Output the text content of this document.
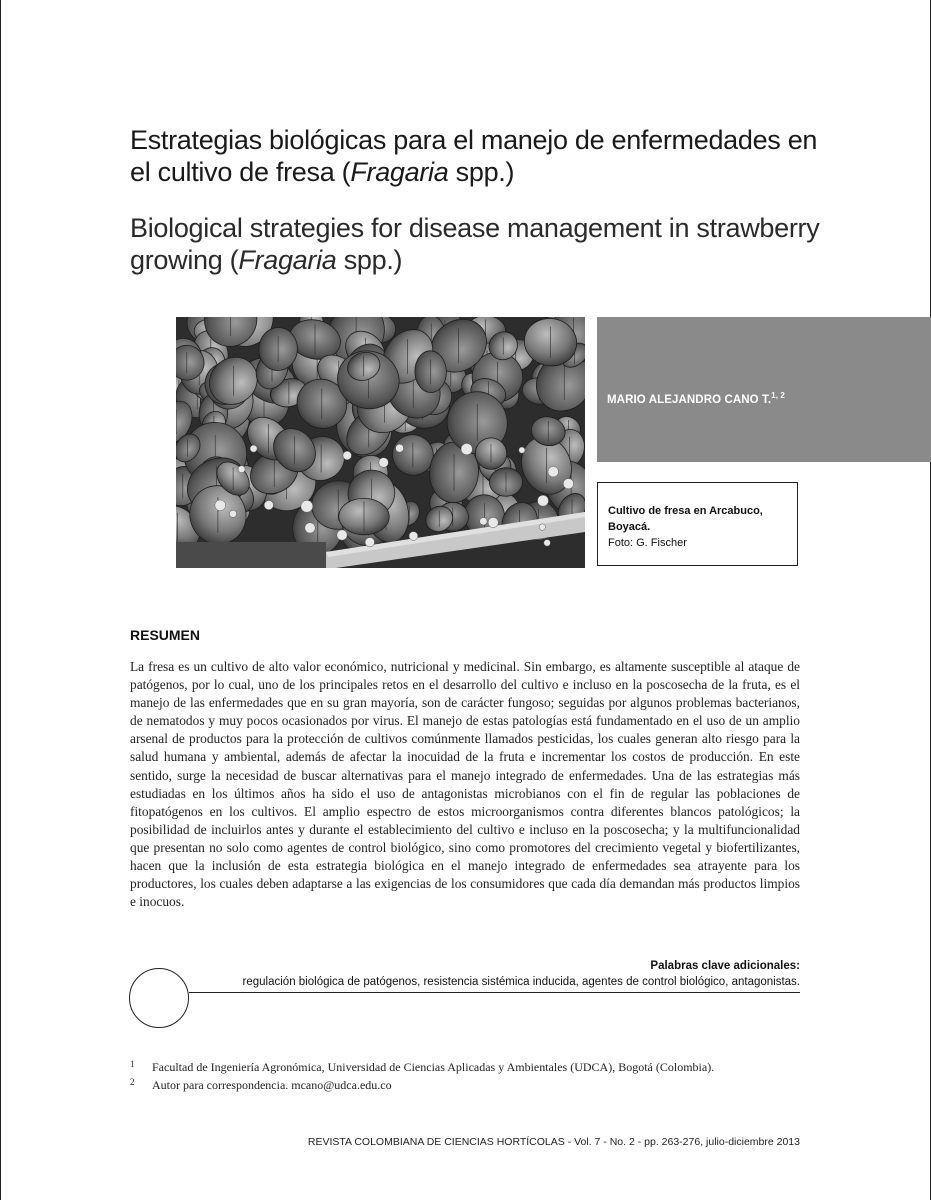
Estrategias biológicas para el manejo de enfermedades en el cultivo de fresa (Fragaria spp.)
Biological strategies for disease management in strawberry growing (Fragaria spp.)
MARIO ALEJANDRO CANO T.$^{1, 2}$
Cultivo de fresa en Arcabuco, Boyacá.
Foto: G. Fischer
RESUMEN

La fresa es un cultivo de alto valor económico, nutricional y medicinal. Sin embargo, es altamente susceptible al ataque de patógenos, por lo cual, uno de los principales retos en el desarrollo del cultivo e incluso en la poscosecha de la fruta, es el manejo de las enfermedades que en su gran mayoría, son de carácter fungoso; seguidas por algunos problemas bacterianos, de nematodos y muy pocos ocasionados por virus. El manejo de estas patologías está fundamentado en el uso de un amplio arsenal de productos para la protección de cultivos comúnmente llamados pesticidas, los cuales generan alto riesgo para la salud humana y ambiental, además de afectar la inocuidad de la fruta e incrementar los costos de producción. En este sentido, surge la necesidad de buscar alternativas para el manejo integrado de enfermedades. Una de las estrategias más estudiadas en los últimos años ha sido el uso de antagonistas microbianos con el fin de regular las poblaciones de fitopatógenos en los cultivos. El amplio espectro de estos microorganismos contra diferentes blancos patológicos; la posibilidad de incluirlos antes y durante el establecimiento del cultivo e incluso en la poscosecha; y la multifuncionalidad que presentan no solo como agentes de control biológico, sino como promotores del crecimiento vegetal y biofertilizantes, hacen que la inclusión de esta estrategia biológica en el manejo integrado de enfermedades sea atrayente para los productores, los cuales deben adaptarse a las exigencias de los consumidores que cada día demandan más productos limpios e inocuos.

Palabras clave adicionales:
regulación biológica de patógenos, resistencia sistémica inducida, agentes de control biológico, antagonistas.
1 Facultad de Ingeniería Agronómica, Universidad de Ciencias Aplicadas y Ambientales (UDCA), Bogotá (Colombia).
2 Autor para correspondencia. mcano@udca.edu.co
REVISTA COLOMBIANA DE CIENCIAS HORTÍCOLAS - Vol. 7 - No. 2 - pp. 263-276, julio-diciembre 2013
